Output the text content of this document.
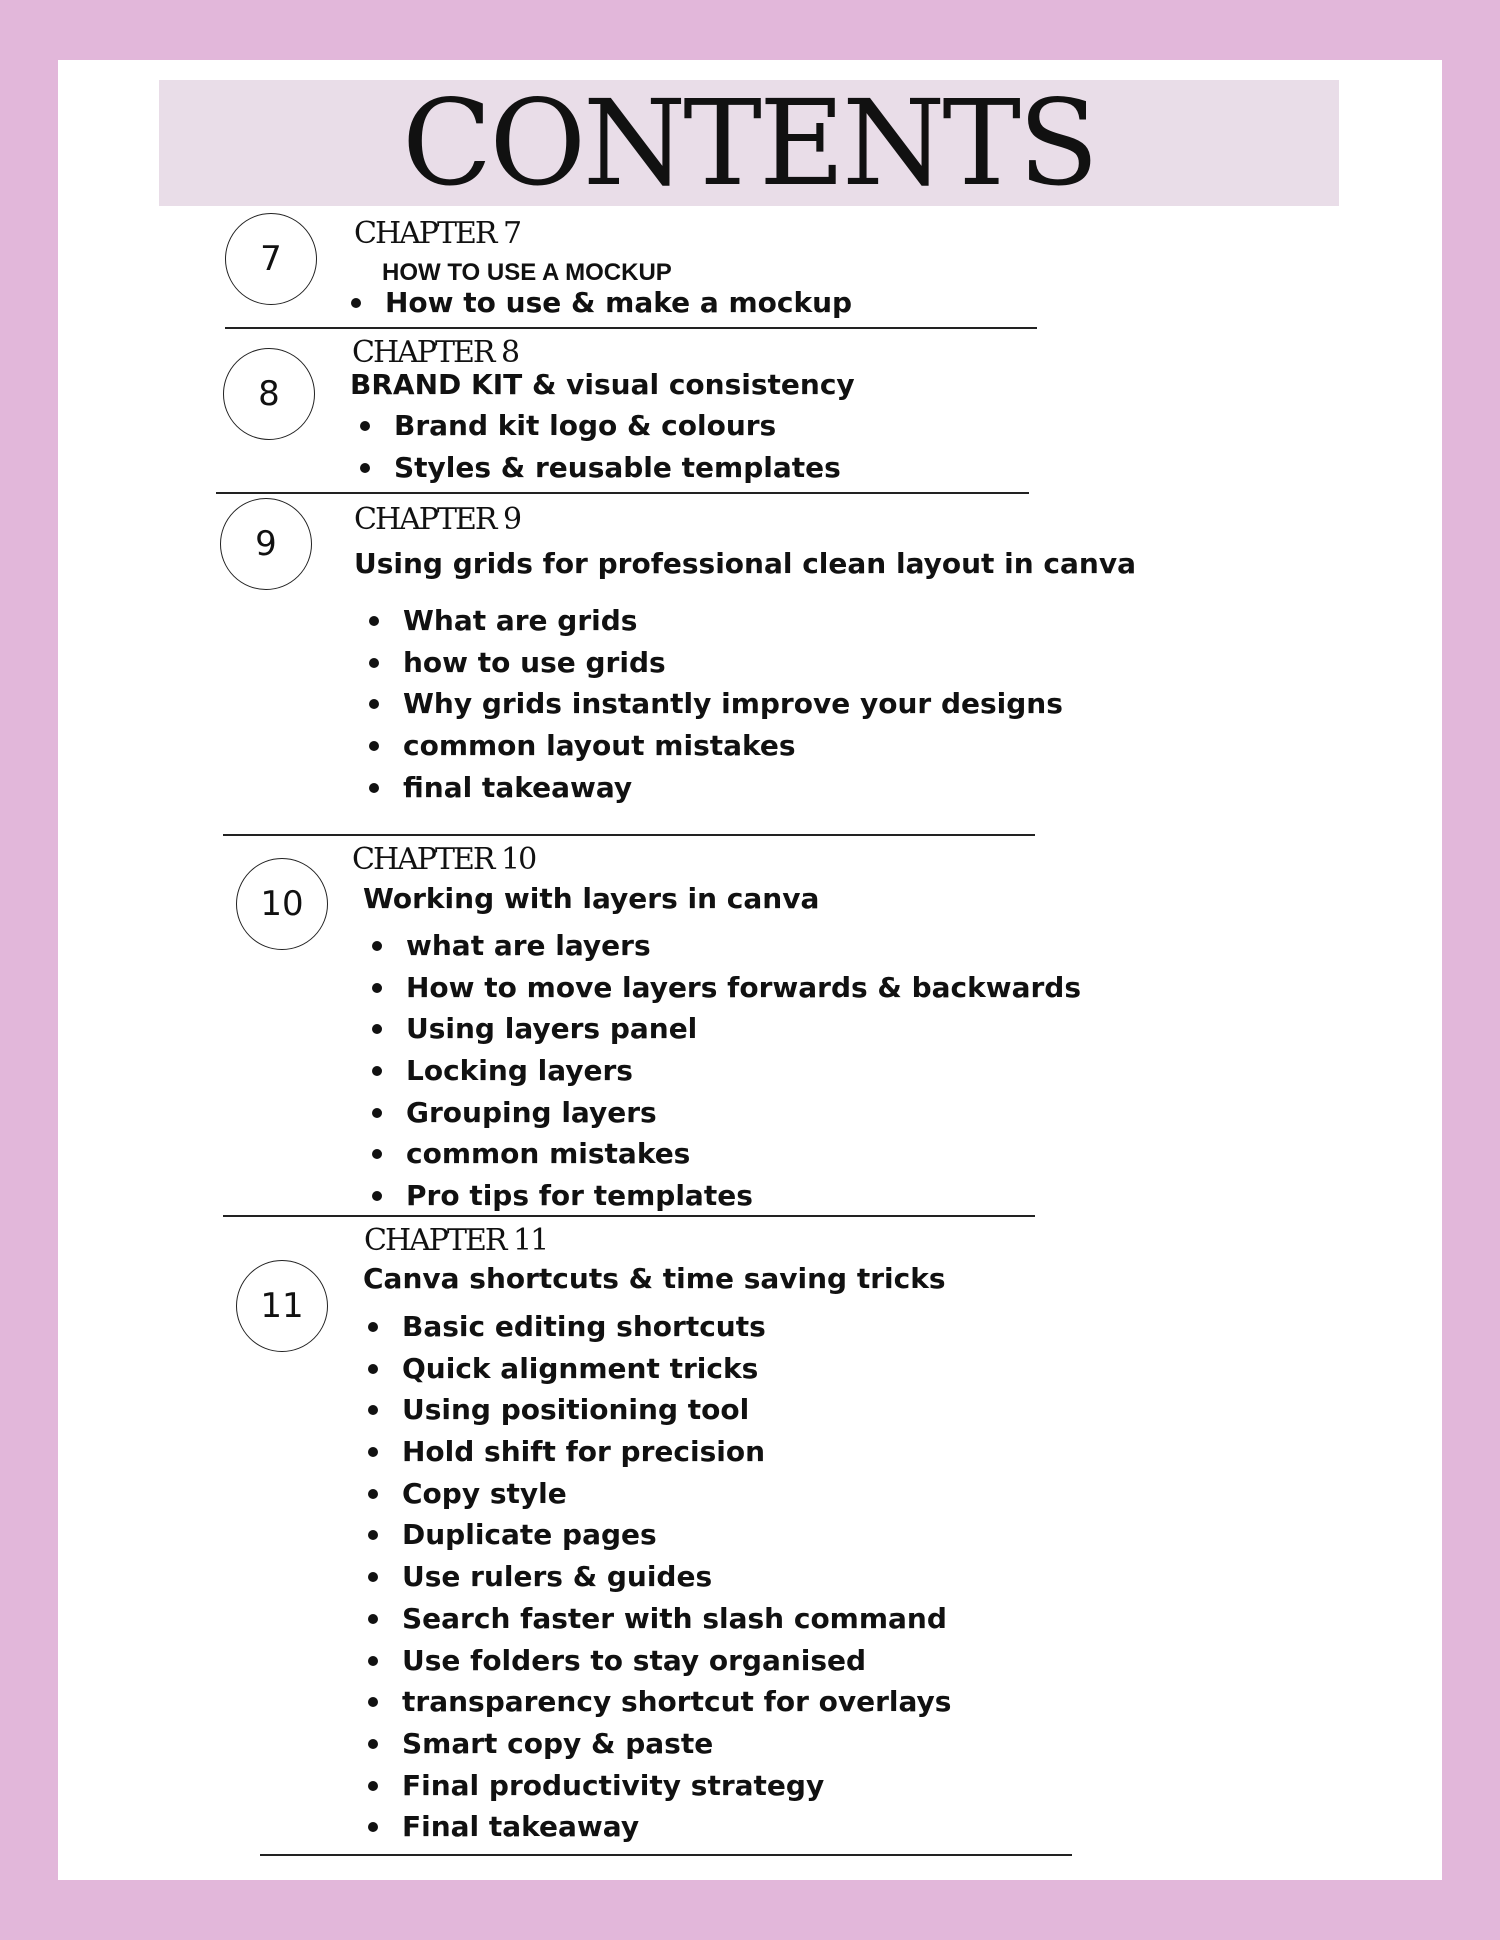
CONTENTS
7
CHAPTER 7
HOW TO USE A MOCKUP
How to use & make a mockup
8
CHAPTER 8
BRAND KIT & visual consistency
Brand kit logo & colours
Styles & reusable templates
9
CHAPTER 9
Using grids for professional clean layout in canva
What are grids
how to use grids
Why grids instantly improve your designs
common layout mistakes
final takeaway
10
CHAPTER 10
Working with layers in canva
what are layers
How to move layers forwards & backwards
Using layers panel
Locking layers
Grouping layers
common mistakes
Pro tips for templates
11
CHAPTER 11
Canva shortcuts & time saving tricks
Basic editing shortcuts
Quick alignment tricks
Using positioning tool
Hold shift for precision
Copy style
Duplicate pages
Use rulers & guides
Search faster with slash command
Use folders to stay organised
transparency shortcut for overlays
Smart copy & paste
Final productivity strategy
Final takeaway
